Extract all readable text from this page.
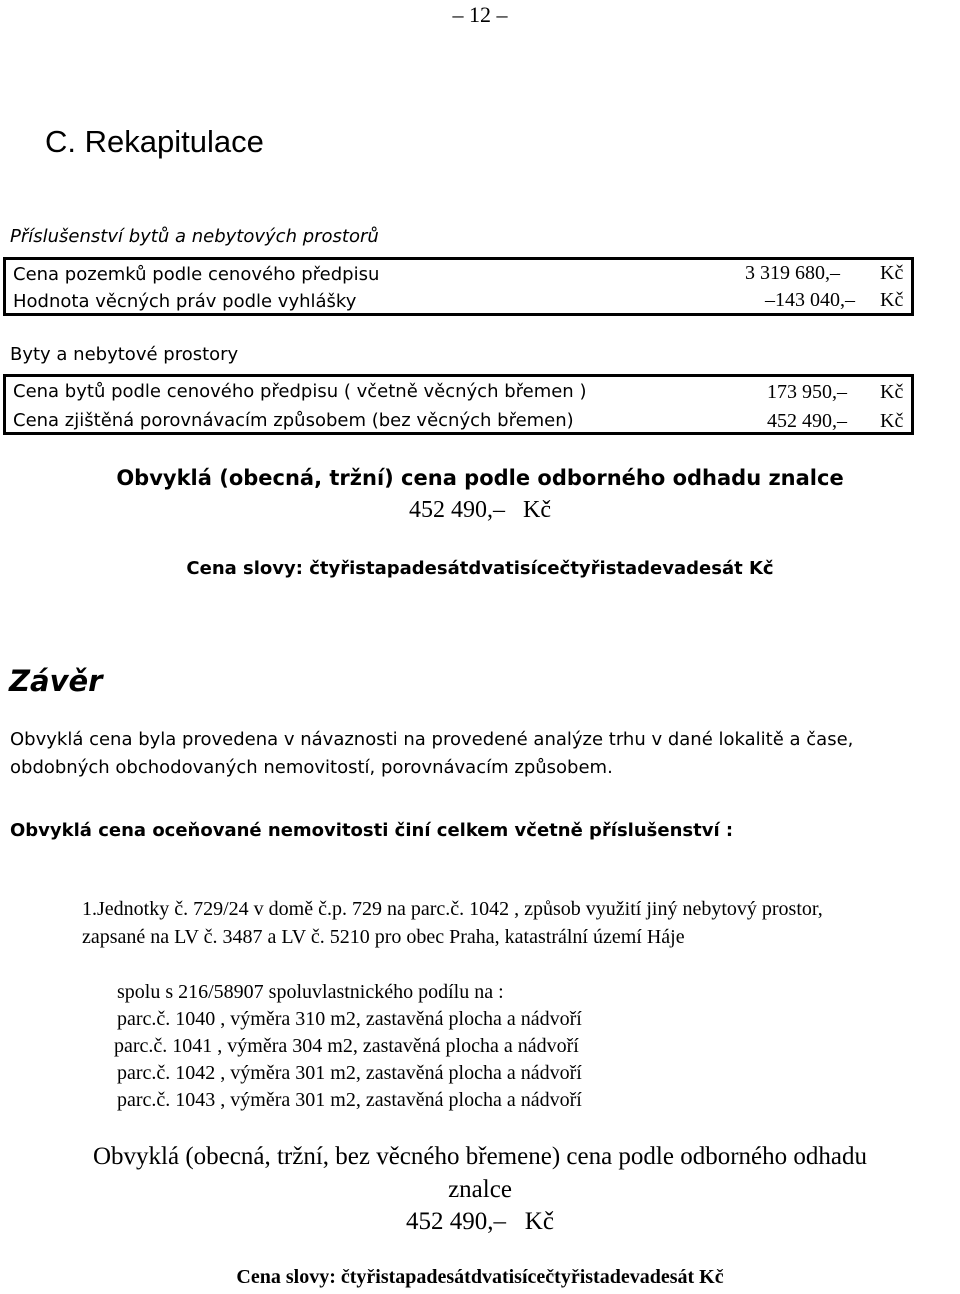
– 12 –
C. Rekapitulace
Příslušenství bytů a nebytových prostorů
Cena pozemků podle cenového předpisu	3 319 680,– Kč
Hodnota věcných práv podle vyhlášky	–143 040,– Kč
Byty a nebytové prostory
Cena bytů podle cenového předpisu ( včetně věcných břemen )	173 950,– Kč
Cena zjištěná porovnávacím způsobem (bez věcných břemen)	452 490,– Kč
Obvyklá (obecná, tržní) cena podle odborného odhadu znalce
452 490,– Kč
Cena slovy: čtyřistapadesátdvatisícečtyřistadevadesát Kč
Závěr
Obvyklá cena byla provedena v návaznosti na provedené analýze trhu v dané lokalitě a čase,
obdobných obchodovaných nemovitostí, porovnávacím způsobem.
Obvyklá cena oceňované nemovitosti činí celkem včetně příslušenství :
1.Jednotky č. 729/24 v domě č.p. 729 na parc.č. 1042 , způsob využití jiný nebytový prostor,
zapsané na LV č. 3487 a LV č. 5210 pro obec Praha, katastrální území Háje
spolu s 216/58907 spoluvlastnického podílu na :
parc.č. 1040 , výměra 310 m2, zastavěná plocha a nádvoří
parc.č. 1041 , výměra 304 m2, zastavěná plocha a nádvoří
parc.č. 1042 , výměra 301 m2, zastavěná plocha a nádvoří
parc.č. 1043 , výměra 301 m2, zastavěná plocha a nádvoří
Obvyklá (obecná, tržní, bez věcného břemene) cena podle odborného odhadu
znalce
452 490,– Kč
Cena slovy: čtyřistapadesátdvatisícečtyřistadevadesát Kč
